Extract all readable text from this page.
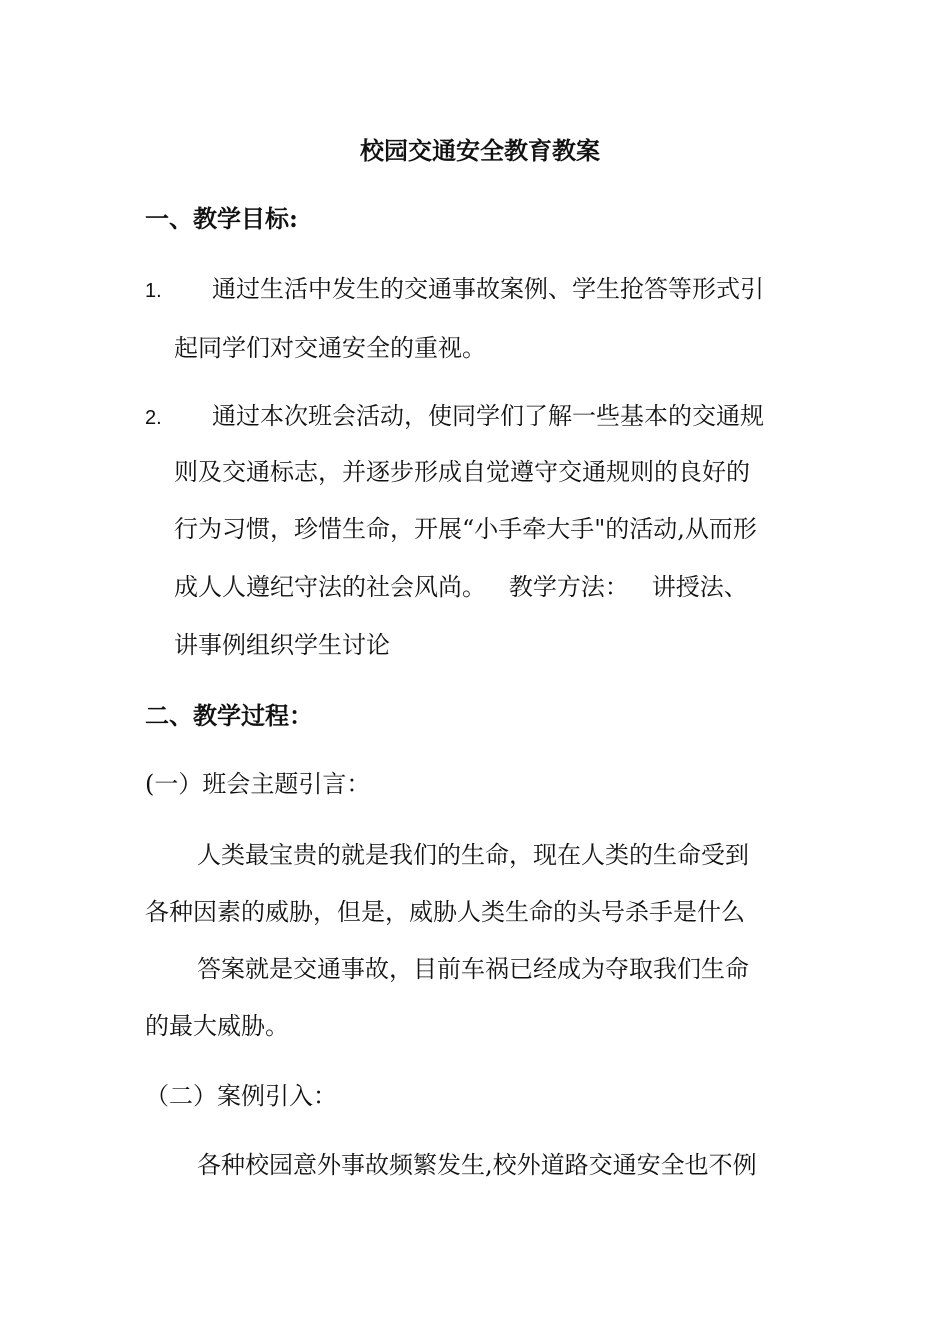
校园交通安全教育教案
一、教学目标:
1. 通过生活中发生的交通事故案例、学生抢答等形式引
起同学们对交通安全的重视。
2. 通过本次班会活动，使同学们了解一些基本的交通规
则及交通标志，并逐步形成自觉遵守交通规则的良好的
行为习惯，珍惜生命，开展“小手牵大手"的活动,从而形
成人人遵纪守法的社会风尚。   教学方法：   讲授法、
讲事例组织学生讨论
二、教学过程：
(一）班会主题引言：
人类最宝贵的就是我们的生命，现在人类的生命受到
各种因素的威胁，但是，威胁人类生命的头号杀手是什么
答案就是交通事故，目前车祸已经成为夺取我们生命
的最大威胁。
（二）案例引入：
各种校园意外事故频繁发生,校外道路交通安全也不例
